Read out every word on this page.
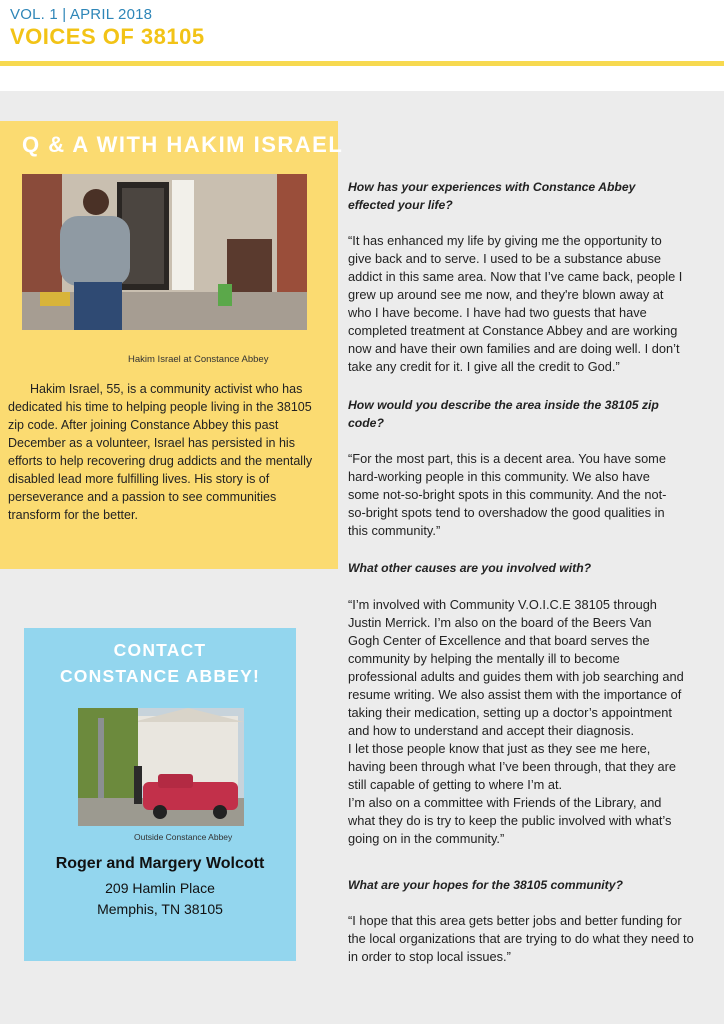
VOL. 1 | APRIL 2018
VOICES OF 38105
Q & A WITH HAKIM ISRAEL
Hakim Israel at Constance Abbey

Hakim Israel, 55, is a community activist who has dedicated his time to helping people living in the 38105 zip code. After joining Constance Abbey this past December as a volunteer, Israel has persisted in his efforts to help recovering drug addicts and the mentally disabled lead more fulfilling lives. His story is of perseverance and a passion to see communities transform for the better.

CONTACT
CONSTANCE ABBEY!
Outside Constance Abbey
Roger and Margery Wolcott
209 Hamlin Place
Memphis, TN 38105
How has your experiences with Constance Abbey
effected your life?
“It has enhanced my life by giving me the opportunity to
give back and to serve. I used to be a substance abuse
addict in this same area. Now that I’ve came back, people I
grew up around see me now, and they're blown away at
who I have become. I have had two guests that have
completed treatment at Constance Abbey and are working
now and have their own families and are doing well. I don’t
take any credit for it. I give all the credit to God.”
How would you describe the area inside the 38105 zip
code?
“For the most part, this is a decent area. You have some
hard-working people in this community. We also have
some not-so-bright spots in this community. And the not-
so-bright spots tend to overshadow the good qualities in
this community.”
What other causes are you involved with?
“I’m involved with Community V.O.I.C.E 38105 through
Justin Merrick. I’m also on the board of the Beers Van
Gogh Center of Excellence and that board serves the
community by helping the mentally ill to become
professional adults and guides them with job searching and
resume writing. We also assist them with the importance of
taking their medication, setting up a doctor’s appointment
and how to understand and accept their diagnosis.
I let those people know that just as they see me here,
having been through what I’ve been through, that they are
still capable of getting to where I’m at.
I’m also on a committee with Friends of the Library, and
what they do is try to keep the public involved with what’s
going on in the community.”
What are your hopes for the 38105 community?
“I hope that this area gets better jobs and better funding for
the local organizations that are trying to do what they need to
in order to stop local issues.”
